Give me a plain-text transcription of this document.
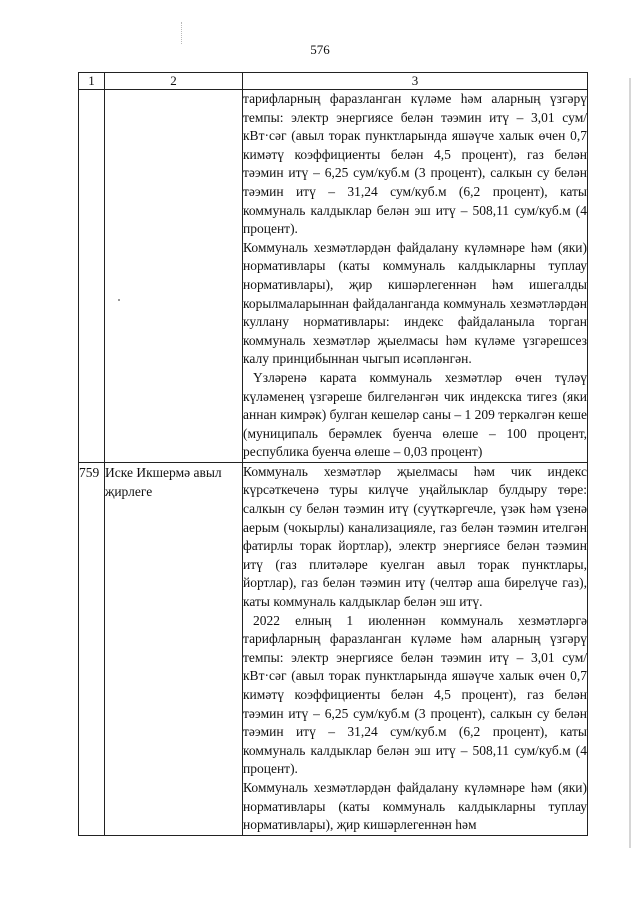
576
1	2	3

		тарифларның фаразланган күләме һәм аларның үзгәрү темпы: электр энергиясе белән тәэмин итү – 3,01 сум/кВт·сәг (авыл торак пунктларында яшәүче халык өчен 0,7 кимәтү коэффициенты белән 4,5 процент), газ белән тәэмин итү – 6,25 сум/куб.м (3 процент), салкын су белән тәэмин итү – 31,24 сум/куб.м (6,2 процент), каты коммуналь калдыклар белән эш итү – 508,11 сум/куб.м (4 процент).

Коммуналь хезмәтләрдән файдалану күләмнәре һәм (яки) нормативлары (каты коммуналь калдыкларны туплау нормативлары), җир кишәрлегеннән һәм ишегалды корылмаларыннан файдаланганда коммуналь хезмәтләрдән куллану нормативлары: индекс файдаланыла торган коммуналь хезмәтләр җыелмасы һәм күләме үзгәрешсез калу принцибыннан чыгып исәпләнгән.

Үзләренә карата коммуналь хезмәтләр өчен түләү күләменең үзгәреше билгеләнгән чик индекска тигез (яки аннан кимрәк) булган кешеләр саны – 1 209 теркәлгән кеше (муниципаль берәмлек буенча өлеше – 100 процент, республика буенча өлеше – 0,03 процент)

759	Иске Икшермә авыл җирлеге	Коммуналь хезмәтләр җыелмасы һәм чик индекс күрсәткеченә туры килүче уңайлыклар булдыру төре: салкын су белән тәэмин итү (суүткәргечле, үзәк һәм үзенә аерым (чокырлы) канализацияле, газ белән тәэмин ителгән фатирлы торак йортлар), электр энергиясе белән тәэмин итү (газ плитәләре куелган авыл торак пунктлары, йортлар), газ белән тәэмин итү (челтәр аша бирелүче газ), каты коммуналь калдыклар белән эш итү.

2022 елның 1 июленнән коммуналь хезмәтләргә тарифларның фаразланган күләме һәм аларның үзгәрү темпы: электр энергиясе белән тәэмин итү – 3,01 сум/кВт·сәг (авыл торак пунктларында яшәүче халык өчен 0,7 кимәтү коэффициенты белән 4,5 процент), газ белән тәэмин итү – 6,25 сум/куб.м (3 процент), салкын су белән тәэмин итү – 31,24 сум/куб.м (6,2 процент), каты коммуналь калдыклар белән эш итү – 508,11 сум/куб.м (4 процент).

Коммуналь хезмәтләрдән файдалану күләмнәре һәм (яки) нормативлары (каты коммуналь калдыкларны туплау нормативлары), җир кишәрлегеннән һәм
